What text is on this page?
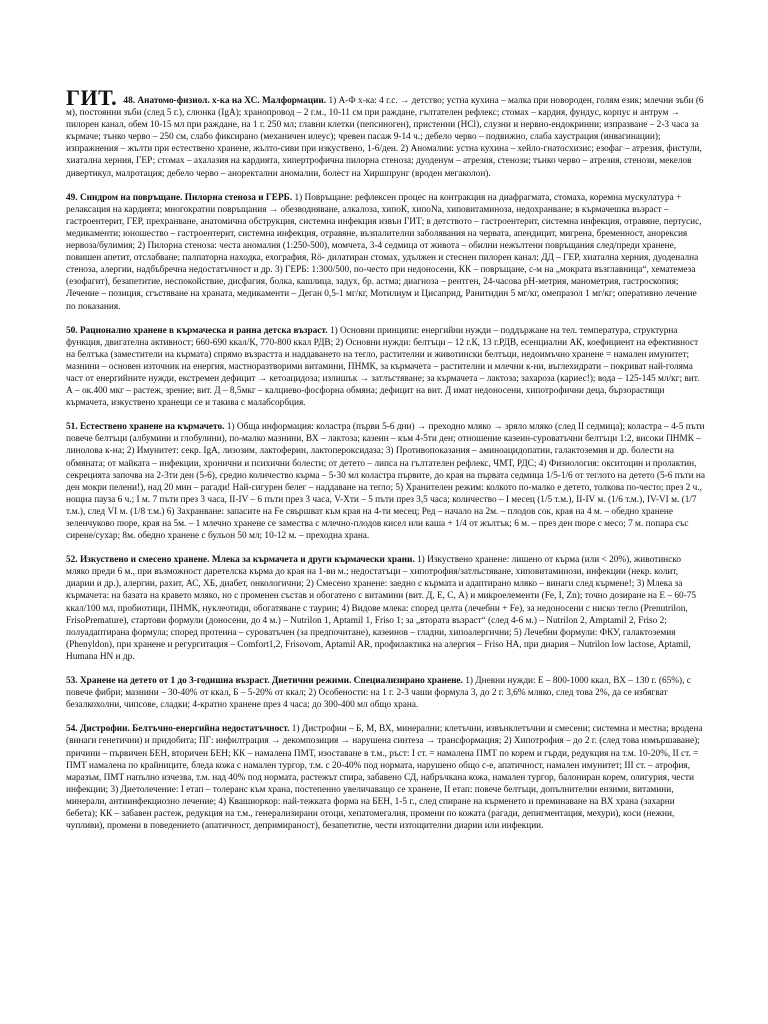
ГИТ. 48. Анатомо-физиол. х-ка на ХС. Малформации. 1) А-Ф х-ка: 4 г.с. → детство; устна кухина – малка при новороден, голям език; млечни зъби (6 м), постоянни зъби (след 5 г.), слюнка (IgA); хранопровод – 2 г.м., 10-11 см при раждане, гълтателен рефлекс; стомах – кардия, фундус, корпус и антрум → пилорен канал, обем 10-15 мл при раждане, на 1 г. 250 мл; главни клетки (пепсиноген), пристенни (HCl), слузни и нервно-ендокринни; изпразване – 2-3 часа за кърмаче; тънко черво – 250 см, слабо фиксирано (механичен илеус); чревен пасаж 9-14 ч.; дебело черво – подвижно, слаба хаустрация (инвагинации); изпражнения – жълти при естествено хранене, жълто-сиви при изкуствено, 1-6/ден. 2) Аномалии: устна кухина – хейло-гнатосхизис; езофаг – атрезия, фистули, хиатална херния, ГЕР; стомах – ахалазия на кардията, хипертрофична пилорна стеноза; дуоденум – атрезия, стенози; тънко черво – атрезия, стенози, мекелов дивертикул, малротация; дебело черво – аноректални аномалии, болест на Хиршпрунг (вроден мегаколон).

49. Синдром на повръщане. Пилорна стеноза и ГЕРБ. 1) Повръщане: рефлексен процес на контракция на диафрагмата, стомаха, коремна мускулатура + релаксация на кардията; многократни повръщания → обезводняване, алкалоза, хипоК, хипоNa, хиповитаминоза, недохранване; в кърмачешка възраст – гастроентерит, ГЕР, прехранване, анатомична обструкция, системна инфекция извън ГИТ; в детството – гастроентерит, системна инфекция, отравяне, пертусис, медикаменти; юношество – гастроентерит, системна инфекция, отравяне, възпалителни заболявания на червата, апендицит, мигрена, бременност, анорексия нервоза/булимия; 2) Пилорна стеноза: честа аномалия (1:250-500), момчета, 3-4 седмица от живота – обилни нежълтени повръщания след/преди хранене, повишен апетит, отслабване; палпаторна находка, ехография, Rö- дилатиран стомах, удължен и стеснен пилорен канал; ДД – ГЕР, хиатална херния, дуоденална стеноза, алергии, надбъбречна недостатъчност и др. 3) ГЕРБ: 1:300/500, по-често при недоносени, КК – повръщане, с-м на „мократа възглавница“, хематемеза (езофагит), безапетитие, неспокойствие, дисфагия, болка, кашлица, задух, бр. астма; диагноза – рентген, 24-часова pH-метрия, манометрия, гастроскопия; Лечение – позиция, сгъстяване на храната, медикаменти – Деган 0,5-1 мг/кг, Мотилиум и Цисаприд, Ранитидин 5 мг/кг, омепразол 1 мг/кг; оперативно лечение по показания.

50. Рационално хранене в кърмаческа и ранна детска възраст. 1) Основни принципи: енергийни нужди – поддържане на тел. температура, структурна функция, двигателна активност; 660-690 ккал/К, 770-800 ккал РДВ; 2) Основни нужди: белтъци – 12 г.К, 13 г.РДВ, есенциални АК, коефициент на ефективност на белтъка (заместители на кърмата) спрямо възрастта и наддаването на тегло, растителни и животински белтъци, недоимъчно хранене = намален имунитет; мазнини – основен източник на енергия, мастноразтворими витамини, ПНМК, за кърмачета – растителни и млечни к-ни, въглехидрати – покриват най-голяма част от енергийните нужди, екстремен дефицит → кетоацидоза; излишък → затлъстяване; за кърмачета – лактоза; захароза (кариес!); вода – 125-145 мл/кг; вит. А – ок.400 мкг – растеж, зрение; вит. Д – 8,5мкг – калциево-фосфорна обмяна; дефицит на вит. Д имат недоносени, хипотрофични деца, бързорастящи кърмачета, изкуствено хранещи се и такива с малабсорбция.

51. Естествено хранене на кърмачето. 1) Обща информация: коластра (първи 5-6 дни) → преходно мляко → зряло мляко (след II седмица); коластра – 4-5 пъти повече белтъци (албумини и глобулини), по-малко мазнини, ВХ – лактоза; казеин – към 4-5ти ден; отношение казеин-суроватъчни белтъци 1:2, високи ПНМК – линолова к-на; 2) Имунитет: секр. IgA, лизозим, лактоферин, лактопероксидаза; 3) Противопоказания – аминоацидопатии, галактоземия и др. болести на обмяната; от майката – инфекции, хронични и психични болести; от детето – липса на гълтателен рефлекс, ЧМТ, РДС; 4) Физиология: окситоцин и пролактин, секрецията започва на 2-3ти ден (5-6), средно количество кърма – 5-30 мл коластра първите, до края на първата седмица 1/5-1/6 от теглото на детето (5-6 пъти на ден мокри пелени!), над 20 мин – рагади! Най-сигурен белег – наддаване на тегло; 5) Хранителен режим: колкото по-малко е детето, толкова по-често; през 2 ч., нощна пауза 6 ч.; I м. 7 пъти през 3 часа, II-IV – 6 пъти през 3 часа, V-Хти – 5 пъти през 3,5 часа; количество – I месец (1/5 т.м.), II-IV м. (1/6 т.м.), IV-VI м. (1/7 т.м.), след VI м. (1/8 т.м.) 6) Захранване: запасите на Fe свършват към края на 4-ти месец; Ред – начало на 2м. – плодов сок, края на 4 м. – обедно хранене зеленчуково пюре, края на 5м. – 1 млечно хранене се замества с млечно-плодов кисел или каша + 1/4 от жълтък; 6 м. – през ден пюре с месо; 7 м. попара със сирене/сухар; 8м. обедно хранене с бульон 50 мл; 10-12 м. – преходна храна.

52. Изкуствено и смесено хранене. Млека за кърмачета и други кърмачески храни. 1) Изкуствено хранене: лишено от кърма (или < 20%), животинско мляко преди 6 м., при възможност даретелска кърма до края на 1-ви м.; недостатъци – хипотрофия/затлъстяване, хиповитаминози, инфекции (некр. колит, диарии и др.), алергии, рахит, АС, ХБ, диабет, онкологични; 2) Смесено хранене: заедно с кърмата и адаптирано мляко – винаги след кърмене!; 3) Млека за кърмачета: на базата на кравето мляко, но с променен състав и обогатено с витамини (вит. Д, Е, С, А) и микроелементи (Fe, I, Zn); точно дозиране на Е – 60-75 ккал/100 мл, пробиотици, ПНМК, нуклеотиди, обогатяване с таурин; 4) Видове млека: според целта (лечебни + Fe), за недоносени с ниско тегло (Prenutrilon, FrisoPremature), стартови формули (доносени, до 4 м.) – Nutrilon 1, Aptamil 1, Friso 1; за „втората възраст“ (след 4-6 м.) – Nutrilon 2, Amptamil 2, Friso 2; полуадаптирана формула; според протеина – суроватъчен (за предпочитане), казеинов – гладни, хипоалергични; 5) Лечебни формули: ФКУ, галактоземия (Phenyldon), при хранене и регургитация – Comfort1,2, Frisovom, Aptamil AR, профилактика на алергия – Friso HA, при диария – Nutrilon low lactose, Aptamil, Humana HN и др.

53. Хранене на детето от 1 до 3-годишна възраст. Диетични режими. Специализирано хранене. 1) Дневни нужди: Е – 800-1000 ккал, ВХ – 130 г. (65%), с повече фибри; мазнини – 30-40% от ккал, Б – 5-20% от ккал; 2) Особености: на 1 г. 2-3 чаши формула 3, до 2 г. 3,6% мляко, след това 2%, да се избягват безалкохолни, чипсове, сладки; 4-кратно хранене през 4 часа; до 300-400 мл общо храна.

54. Дистрофии. Белтъчно-енергийна недостатъчност. 1) Дистрофии – Б, М, ВХ, минерални; клетъчни, извънклетъчни и смесени; системна и местна; вродена (винаги генетични) и придобита; ПГ: инфилтрация → декомпозиция → нарушена синтеза → трансформация; 2) Хипотрофия – до 2 г. (след това измършаване); причини – първичен БЕН, вторичен БЕН; КК – намалена ПМТ, изоставане в т.м., ръст: I ст. = намалена ПМТ по корем и гърди, редукция на т.м. 10-20%, II ст. = ПМТ намалена по крайниците, бледа кожа с намален тургор, т.м. с 20-40% под нормата, нарушено общо с-е, апатичност, намален имунитет; III ст. – атрофия, маразъм, ПМТ напълно изчезва, т.м. над 40% под нормата, растежът спира, забавено СД, набръчкана кожа, намален тургор, балониран корем, олигурия, чести инфекции; 3) Диетолечение: I етап – толеранс към храна, постепенно увеличаващо се хранене, II етап: повече белтъци, допълнителни ензими, витамини, минерали, антиинфекциозно лечение; 4) Квашиоркор: най-тежката форма на БЕН, 1-5 г., след спиране на кърменето и преминаване на ВХ храна (захарни бебета); КК – забавен растеж, редукция на т.м., генерализирани отоци, хепатомегалия, промени по кожата (рагади, депигментация, мехури), коси (нежни, чупливи), промени в поведението (апатичност, депримираност), безапетитие, чести изтощителни диарии или инфекции.
